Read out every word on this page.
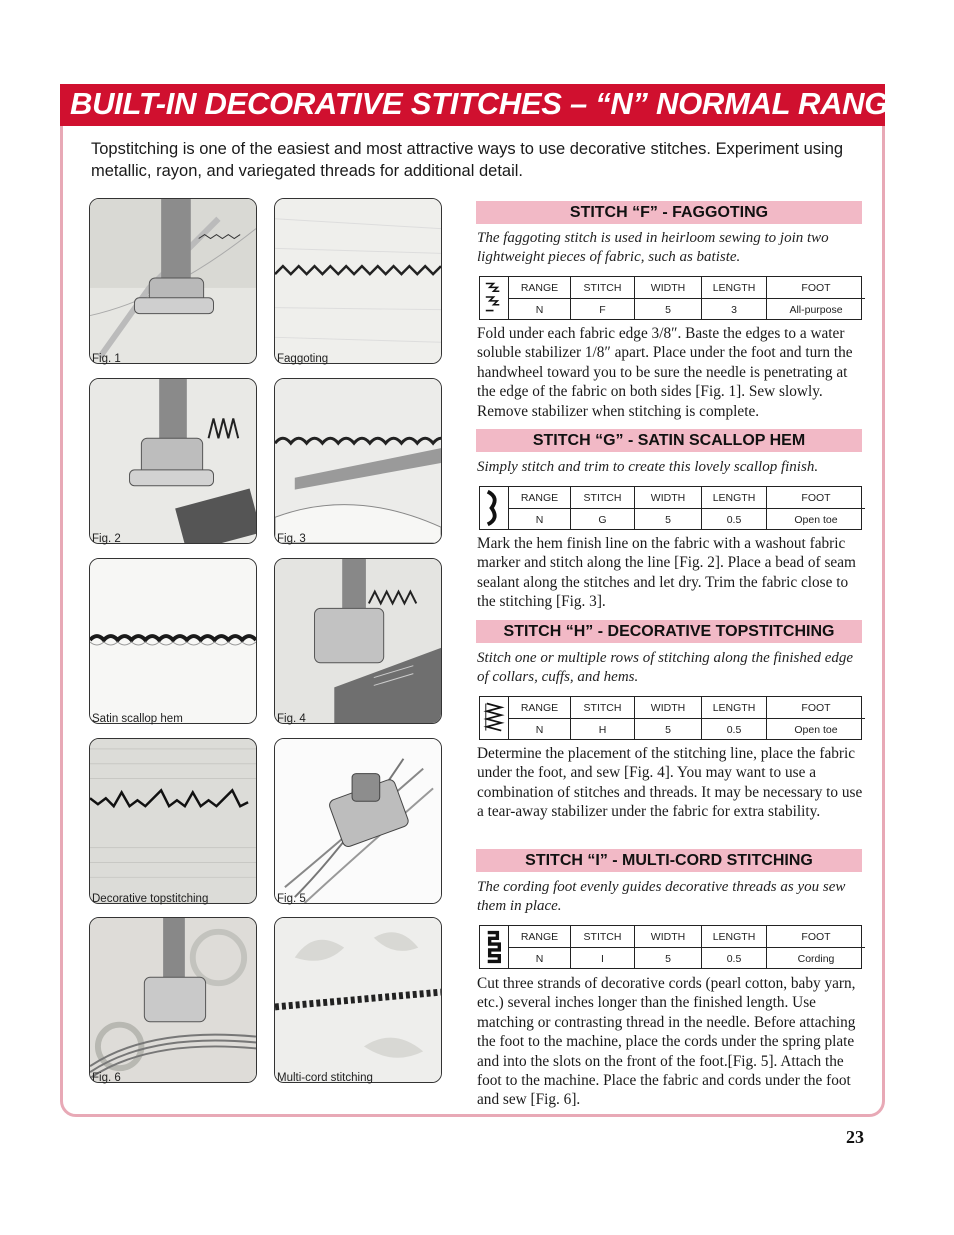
BUILT-IN DECORATIVE STITCHES – “N” NORMAL RANGE

Topstitching is one of the easiest and most attractive ways to use decorative stitches. Experiment using metallic, rayon, and variegated threads for additional detail.

Fig. 1	Faggoting
Fig. 2	Fig. 3
Satin scallop hem	Fig. 4
Decorative topstitching	Fig. 5
Fig. 6	Multi-cord stitching
STITCH “F” - FAGGOTING

The faggoting stitch is used in heirloom sewing to join two lightweight pieces of fabric, such as batiste.

RANGE	STITCH	WIDTH	LENGTH	FOOT
N	F	5	3	All-purpose

Fold under each fabric edge 3/8″. Baste the edges to a water soluble stabilizer 1/8″ apart. Place under the foot and turn the handwheel toward you to be sure the needle is penetrating at the edge of the fabric on both sides [Fig. 1]. Sew slowly. Remove stabilizer when stitching is complete.

STITCH “G” - SATIN SCALLOP HEM

Simply stitch and trim to create this lovely scallop finish.

RANGE	STITCH	WIDTH	LENGTH	FOOT
N	G	5	0.5	Open toe

Mark the hem finish line on the fabric with a washout fabric marker and stitch along the line [Fig. 2]. Place a bead of seam sealant along the stitches and let dry. Trim the fabric close to the stitching [Fig. 3].

STITCH “H” - DECORATIVE TOPSTITCHING

Stitch one or multiple rows of stitching along the finished edge of collars, cuffs, and hems.

RANGE	STITCH	WIDTH	LENGTH	FOOT
N	H	5	0.5	Open toe

Determine the placement of the stitching line, place the fabric under the foot, and sew [Fig. 4]. You may want to use a combination of stitches and threads. It may be necessary to use a tear-away stabilizer under the fabric for extra stability.

STITCH “I” - MULTI-CORD STITCHING

The cording foot evenly guides decorative threads as you sew them in place.

RANGE	STITCH	WIDTH	LENGTH	FOOT
N	I	5	0.5	Cording

Cut three strands of decorative cords (pearl cotton, baby yarn, etc.) several inches longer than the finished length. Use matching or contrasting thread in the needle. Before attaching the foot to the machine, place the cords under the spring plate and into the slots on the front of the foot.[Fig. 5]. Attach the foot to the machine. Place the fabric and cords under the foot and sew [Fig. 6].

23
